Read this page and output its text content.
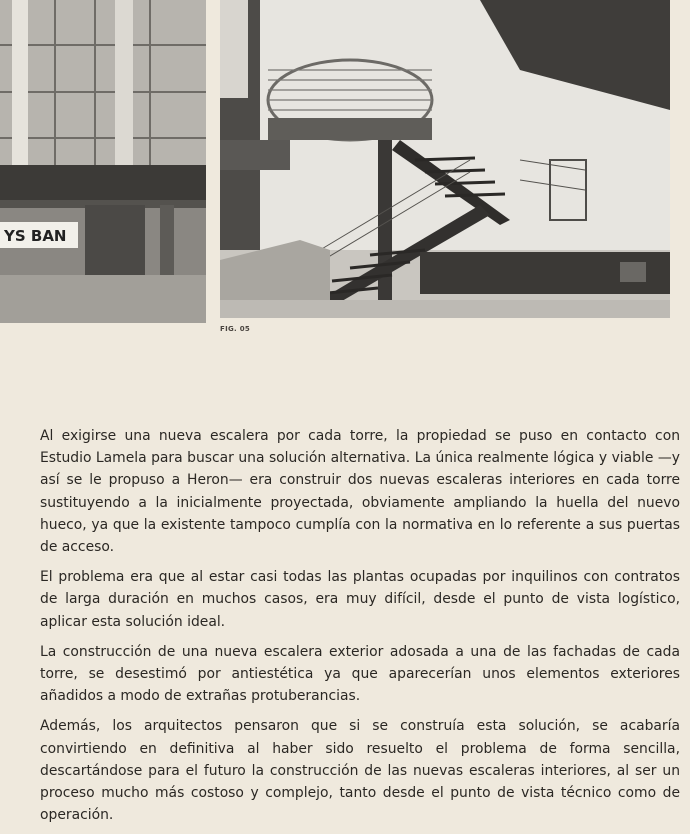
YS BAN
FIG. 05

Al exigirse una nueva escalera por cada torre, la propiedad se puso en contacto con Estudio Lamela para buscar una solución alternativa. La única realmente lógica y viable —y así se le propuso a Heron— era construir dos nuevas escaleras interiores en cada torre sustituyendo a la inicialmente proyectada, obviamente ampliando la huella del nuevo hueco, ya que la existente tampoco cumplía con la normativa en lo referente a sus puertas de acceso.

El problema era que al estar casi todas las plantas ocupadas por inquilinos con contratos de larga duración en muchos casos, era muy difícil, desde el punto de vista logístico, aplicar esta solución ideal.

La construcción de una nueva escalera exterior adosada a una de las fachadas de cada torre, se desestimó por antiestética ya que aparecerían unos elementos exteriores añadidos a modo de extrañas protuberancias.

Además, los arquitectos pensaron que si se construía esta solución, se acabaría convirtiendo en definitiva al haber sido resuelto el problema de forma sencilla, descartándose para el futuro la construcción de las nuevas escaleras interiores, al ser un proceso mucho más costoso y complejo, tanto desde el punto de vista técnico como de operación.
